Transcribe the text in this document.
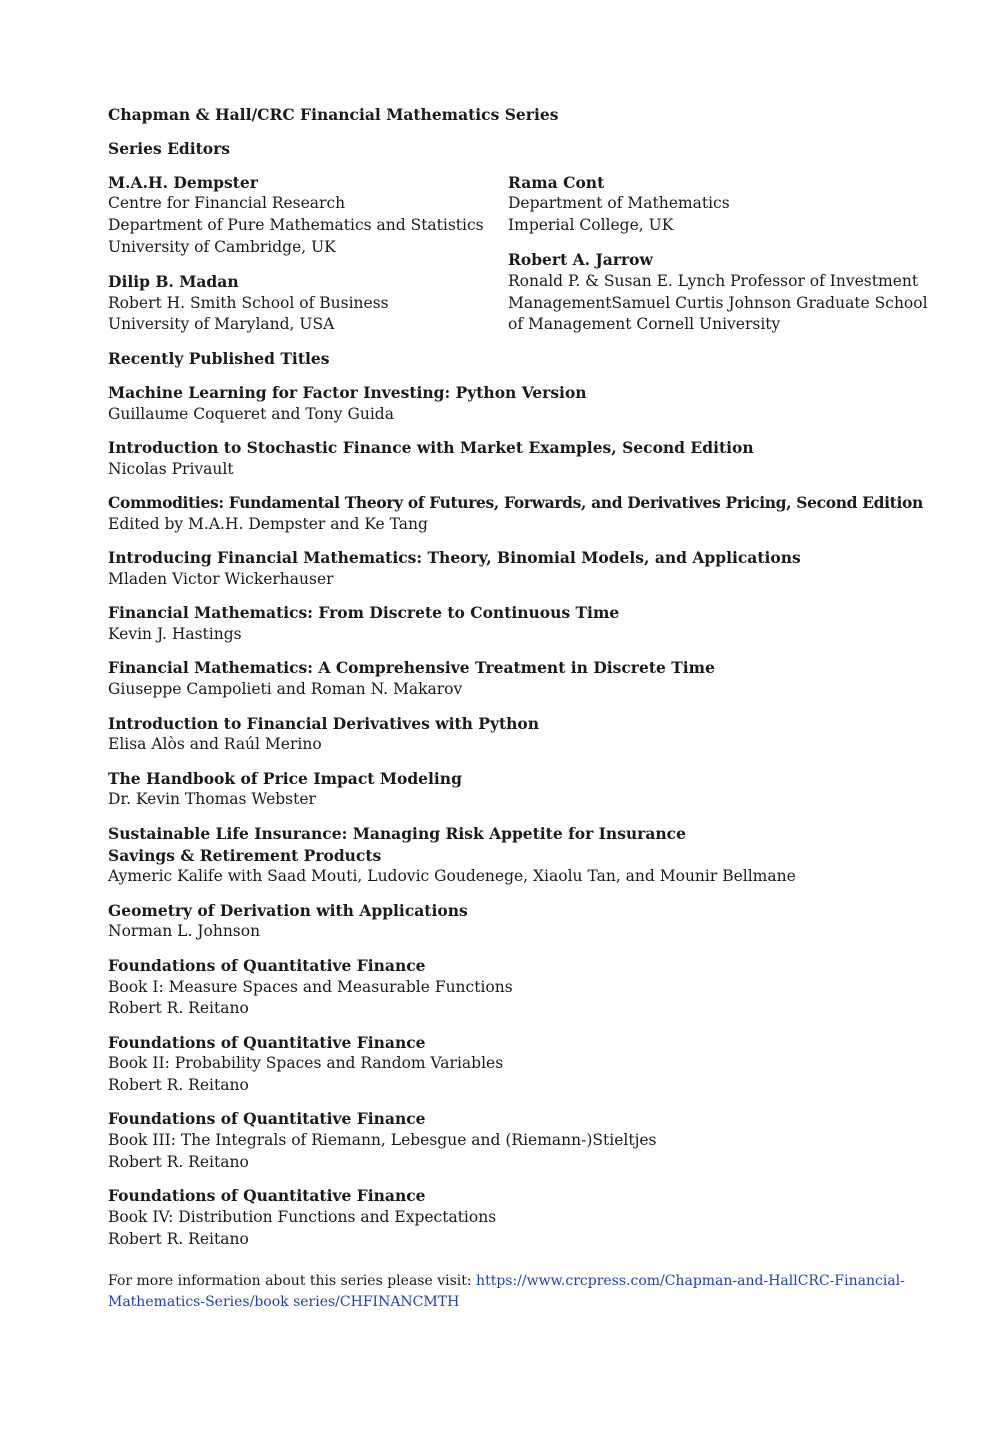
Chapman & Hall/CRC Financial Mathematics Series
Series Editors
M.A.H. Dempster
Centre for Financial Research
Department of Pure Mathematics and Statistics
University of Cambridge, UK
Dilip B. Madan
Robert H. Smith School of Business
University of Maryland, USA
Rama Cont
Department of Mathematics
Imperial College, UK
Robert A. Jarrow
Ronald P. & Susan E. Lynch Professor of Investment
ManagementSamuel Curtis Johnson Graduate School
of Management Cornell University
Recently Published Titles
Machine Learning for Factor Investing: Python Version
Guillaume Coqueret and Tony Guida
Introduction to Stochastic Finance with Market Examples, Second Edition
Nicolas Privault
Commodities: Fundamental Theory of Futures, Forwards, and Derivatives Pricing, Second Edition
Edited by M.A.H. Dempster and Ke Tang
Introducing Financial Mathematics: Theory, Binomial Models, and Applications
Mladen Victor Wickerhauser
Financial Mathematics: From Discrete to Continuous Time
Kevin J. Hastings
Financial Mathematics: A Comprehensive Treatment in Discrete Time
Giuseppe Campolieti and Roman N. Makarov
Introduction to Financial Derivatives with Python
Elisa Alòs and Raúl Merino
The Handbook of Price Impact Modeling
Dr. Kevin Thomas Webster
Sustainable Life Insurance: Managing Risk Appetite for Insurance Savings & Retirement Products
Aymeric Kalife with Saad Mouti, Ludovic Goudenege, Xiaolu Tan, and Mounir Bellmane
Geometry of Derivation with Applications
Norman L. Johnson
Foundations of Quantitative Finance
Book I: Measure Spaces and Measurable Functions
Robert R. Reitano
Foundations of Quantitative Finance
Book II: Probability Spaces and Random Variables
Robert R. Reitano
Foundations of Quantitative Finance
Book III: The Integrals of Riemann, Lebesgue and (Riemann-)Stieltjes
Robert R. Reitano
Foundations of Quantitative Finance
Book IV: Distribution Functions and Expectations
Robert R. Reitano
For more information about this series please visit: https://www.crcpress.com/Chapman-and-HallCRC-Financial-Mathematics-Series/book series/CHFINANCMTH
